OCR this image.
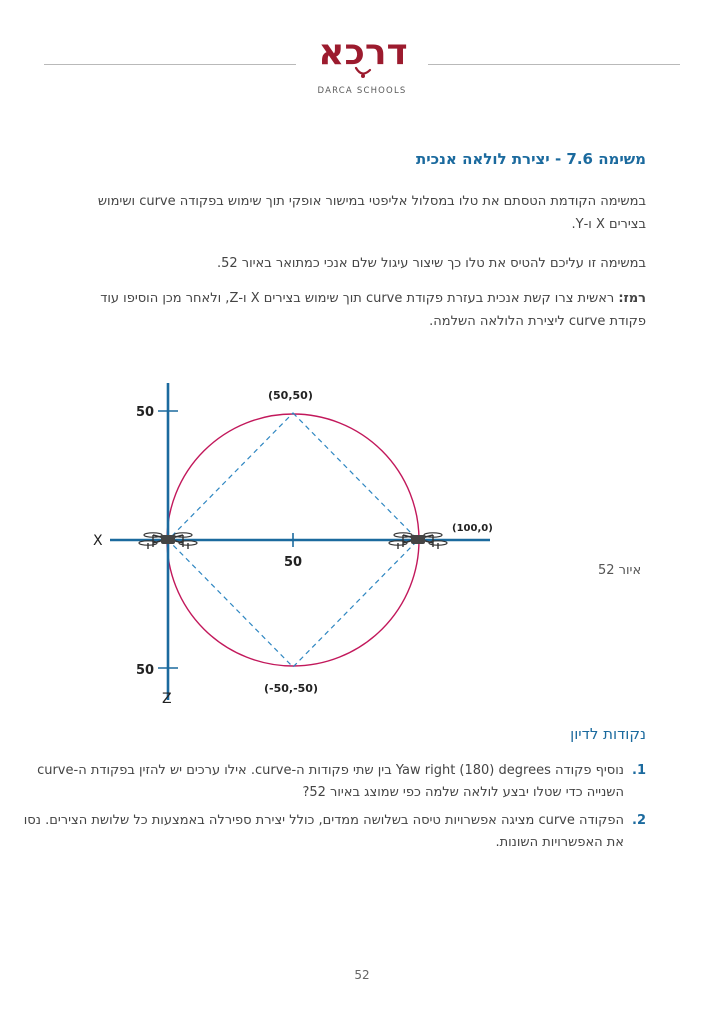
דרכא
DARCA SCHOOLS
משימה 7.6 - יצירת לולאה אנכית
במשימה הקודמת הטסתם את טלו במסלול אליפטי במישור אופקי תוך שימוש בפקודה curve ושימוש בצירים X ו-Y.
במשימה זו עליכם להטיס את טלו כך שיצור עיגול שלם אנכי כמתואר באיור 52.
רמז: ראשית צרו קשת אנכית בעזרת פקודת curve תוך שימוש בצירים X ו-Z, ולאחר מכן הוסיפו עוד פקודת curve ליצירת הלולאה השלמה.
X
Z
50
50
50
(50,50)
(100,0)
(-50,-50)
איור 52
נקודות לדיון
1.
נוסיף פקודה Yaw right (180) degrees בין שתי פקודות ה-curve. אילו ערכים יש להזין בפקודת ה-curve השנייה כדי שטלו יבצע לולאה שלמה כפי שמוצג באיור 52?
2.
הפקודה curve מציגה אפשרויות טיסה בשלושה ממדים, כולל יצירת ספירלה באמצעות כל שלושת הצירים. נסו את האפשרויות השונות.
52
